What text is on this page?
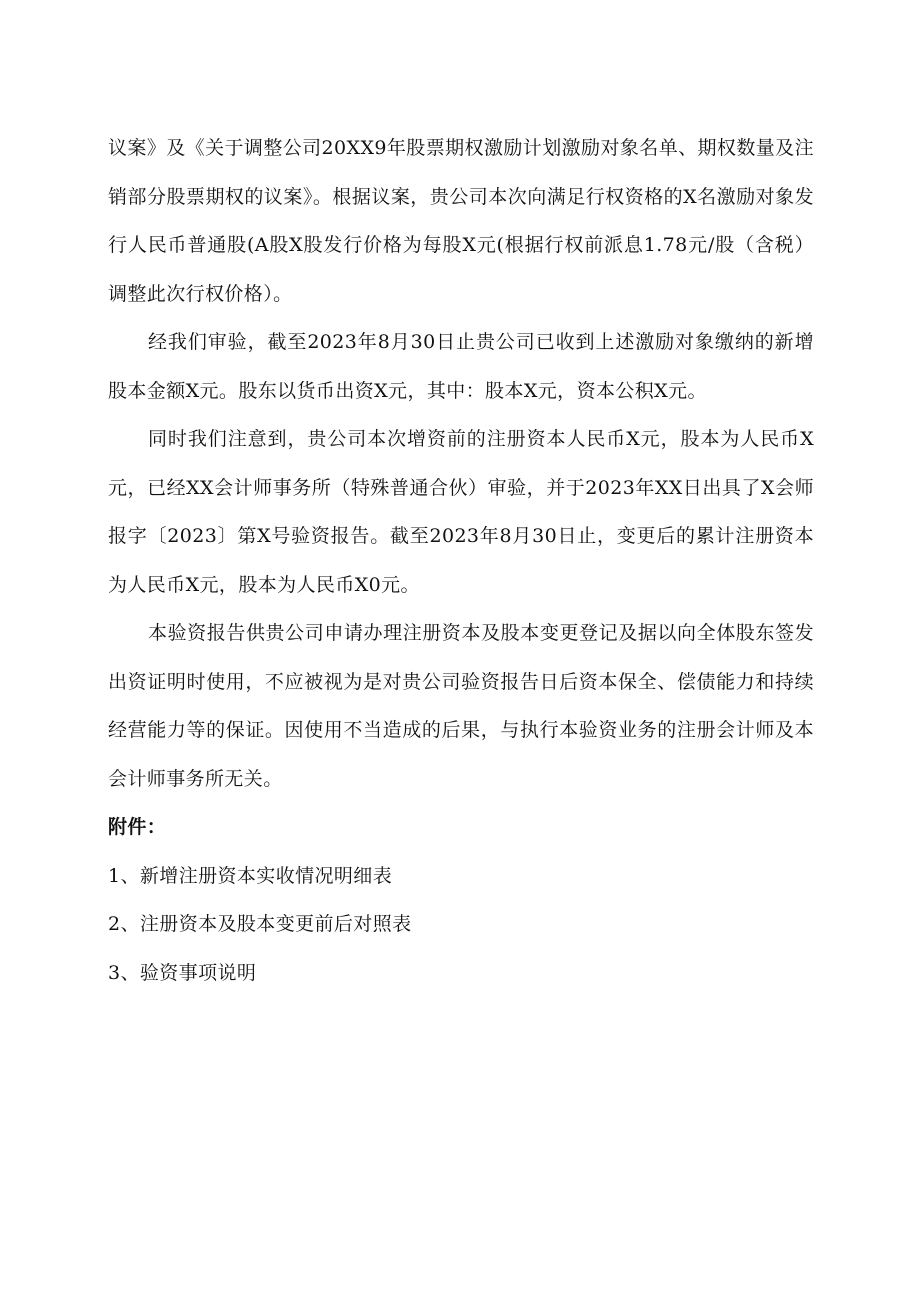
议案》及《关于调整公司20XX9年股票期权激励计划激励对象名单、期权数量及注销部分股票期权的议案》。根据议案，贵公司本次向满足行权资格的X名激励对象发行人民币普通股(A股X股发行价格为每股X元(根据行权前派息1.78元/股（含税）调整此次行权价格）。

经我们审验，截至2023年8月30日止贵公司已收到上述激励对象缴纳的新增股本金额X元。股东以货币出资X元，其中：股本X元，资本公积X元。

同时我们注意到，贵公司本次增资前的注册资本人民币X元，股本为人民币X元，已经XX会计师事务所（特殊普通合伙）审验，并于2023年XX日出具了X会师报字〔2023〕第X号验资报告。截至2023年8月30日止，变更后的累计注册资本为人民币X元，股本为人民币X0元。

本验资报告供贵公司申请办理注册资本及股本变更登记及据以向全体股东签发出资证明时使用，不应被视为是对贵公司验资报告日后资本保全、偿债能力和持续经营能力等的保证。因使用不当造成的后果，与执行本验资业务的注册会计师及本会计师事务所无关。

附件：

1、新增注册资本实收情况明细表

2、注册资本及股本变更前后对照表

3、验资事项说明
